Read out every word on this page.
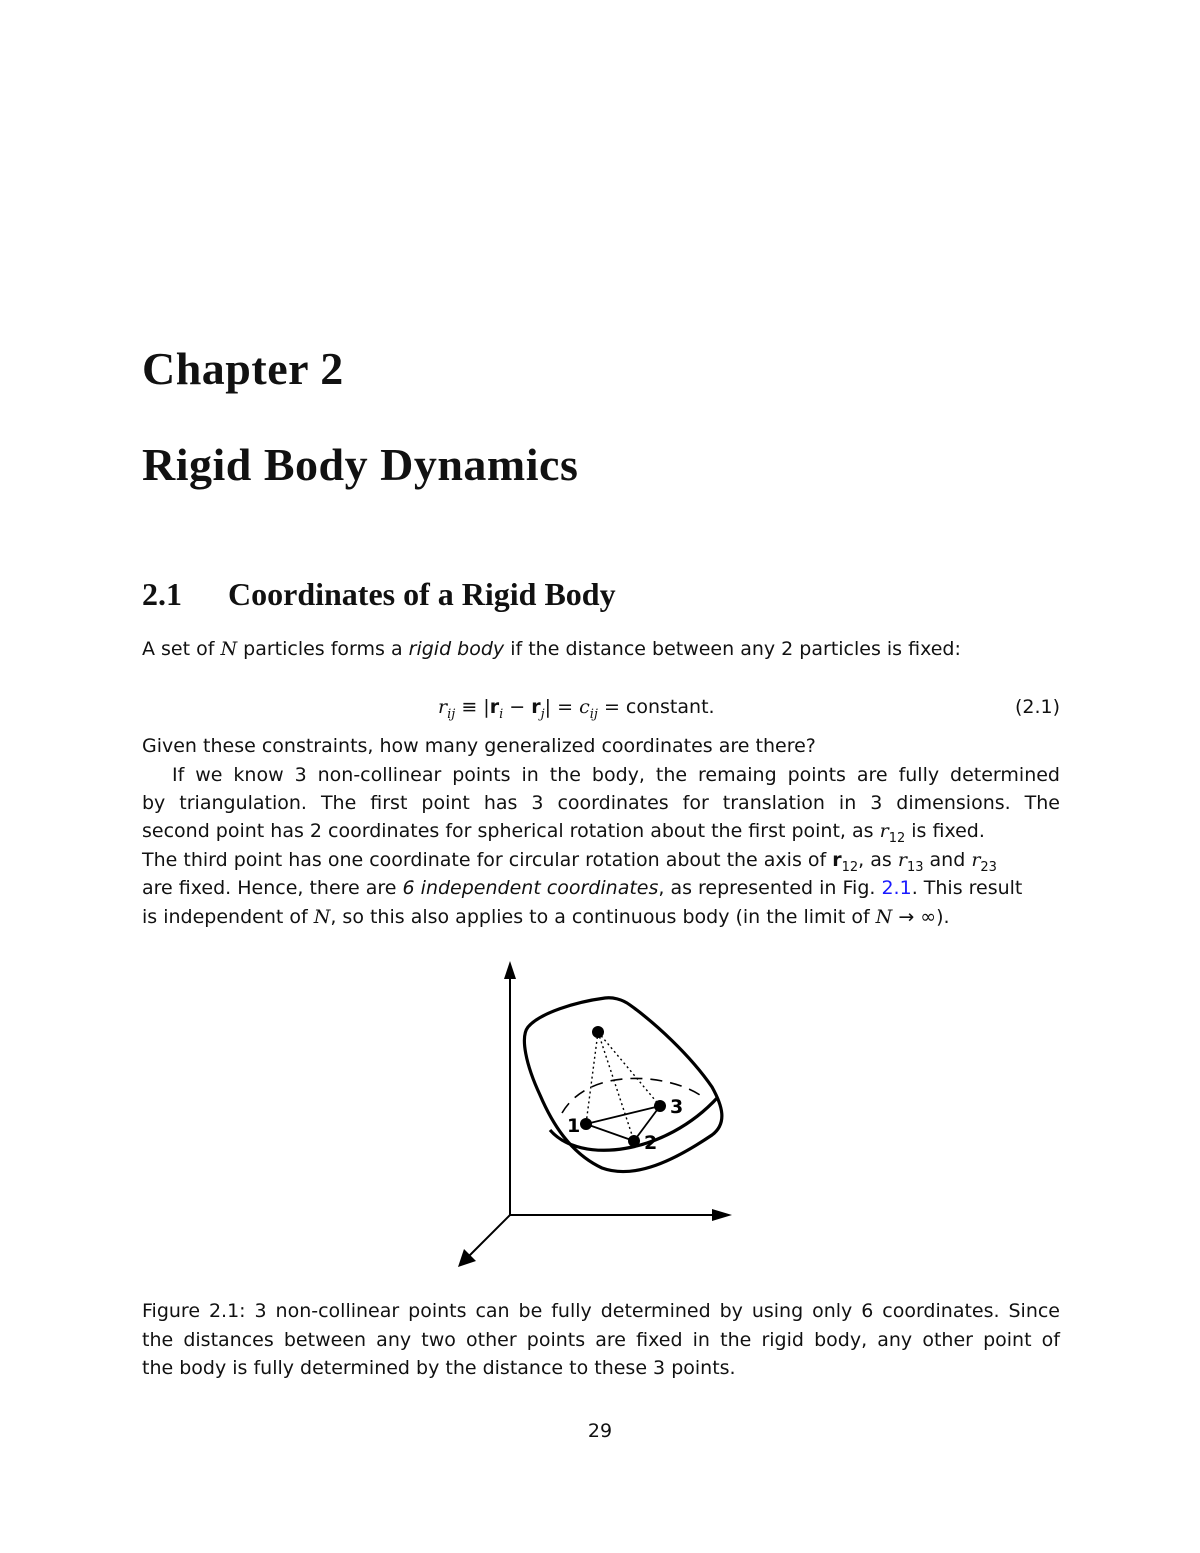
Chapter 2
Rigid Body Dynamics
2.1 Coordinates of a Rigid Body
A set of N particles forms a rigid body if the distance between any 2 particles is fixed:
$r_{ij} \equiv |r_i - r_j| = c_{ij}$ = constant.	(2.1)
Given these constraints, how many generalized coordinates are there?
If we know 3 non-collinear points in the body, the remaing points are fully determined
by triangulation. The first point has 3 coordinates for translation in 3 dimensions. The
second point has 2 coordinates for spherical rotation about the first point, as $r_{12}$ is fixed.
The third point has one coordinate for circular rotation about the axis of $r_{12}$, as $r_{13}$ and $r_{23}$
are fixed. Hence, there are 6 independent coordinates, as represented in Fig. 2.1. This result
is independent of N, so this also applies to a continuous body (in the limit of N → ∞).
1
2
3
Figure 2.1: 3 non-collinear points can be fully determined by using only 6 coordinates. Since
the distances between any two other points are fixed in the rigid body, any other point of
the body is fully determined by the distance to these 3 points.
29
